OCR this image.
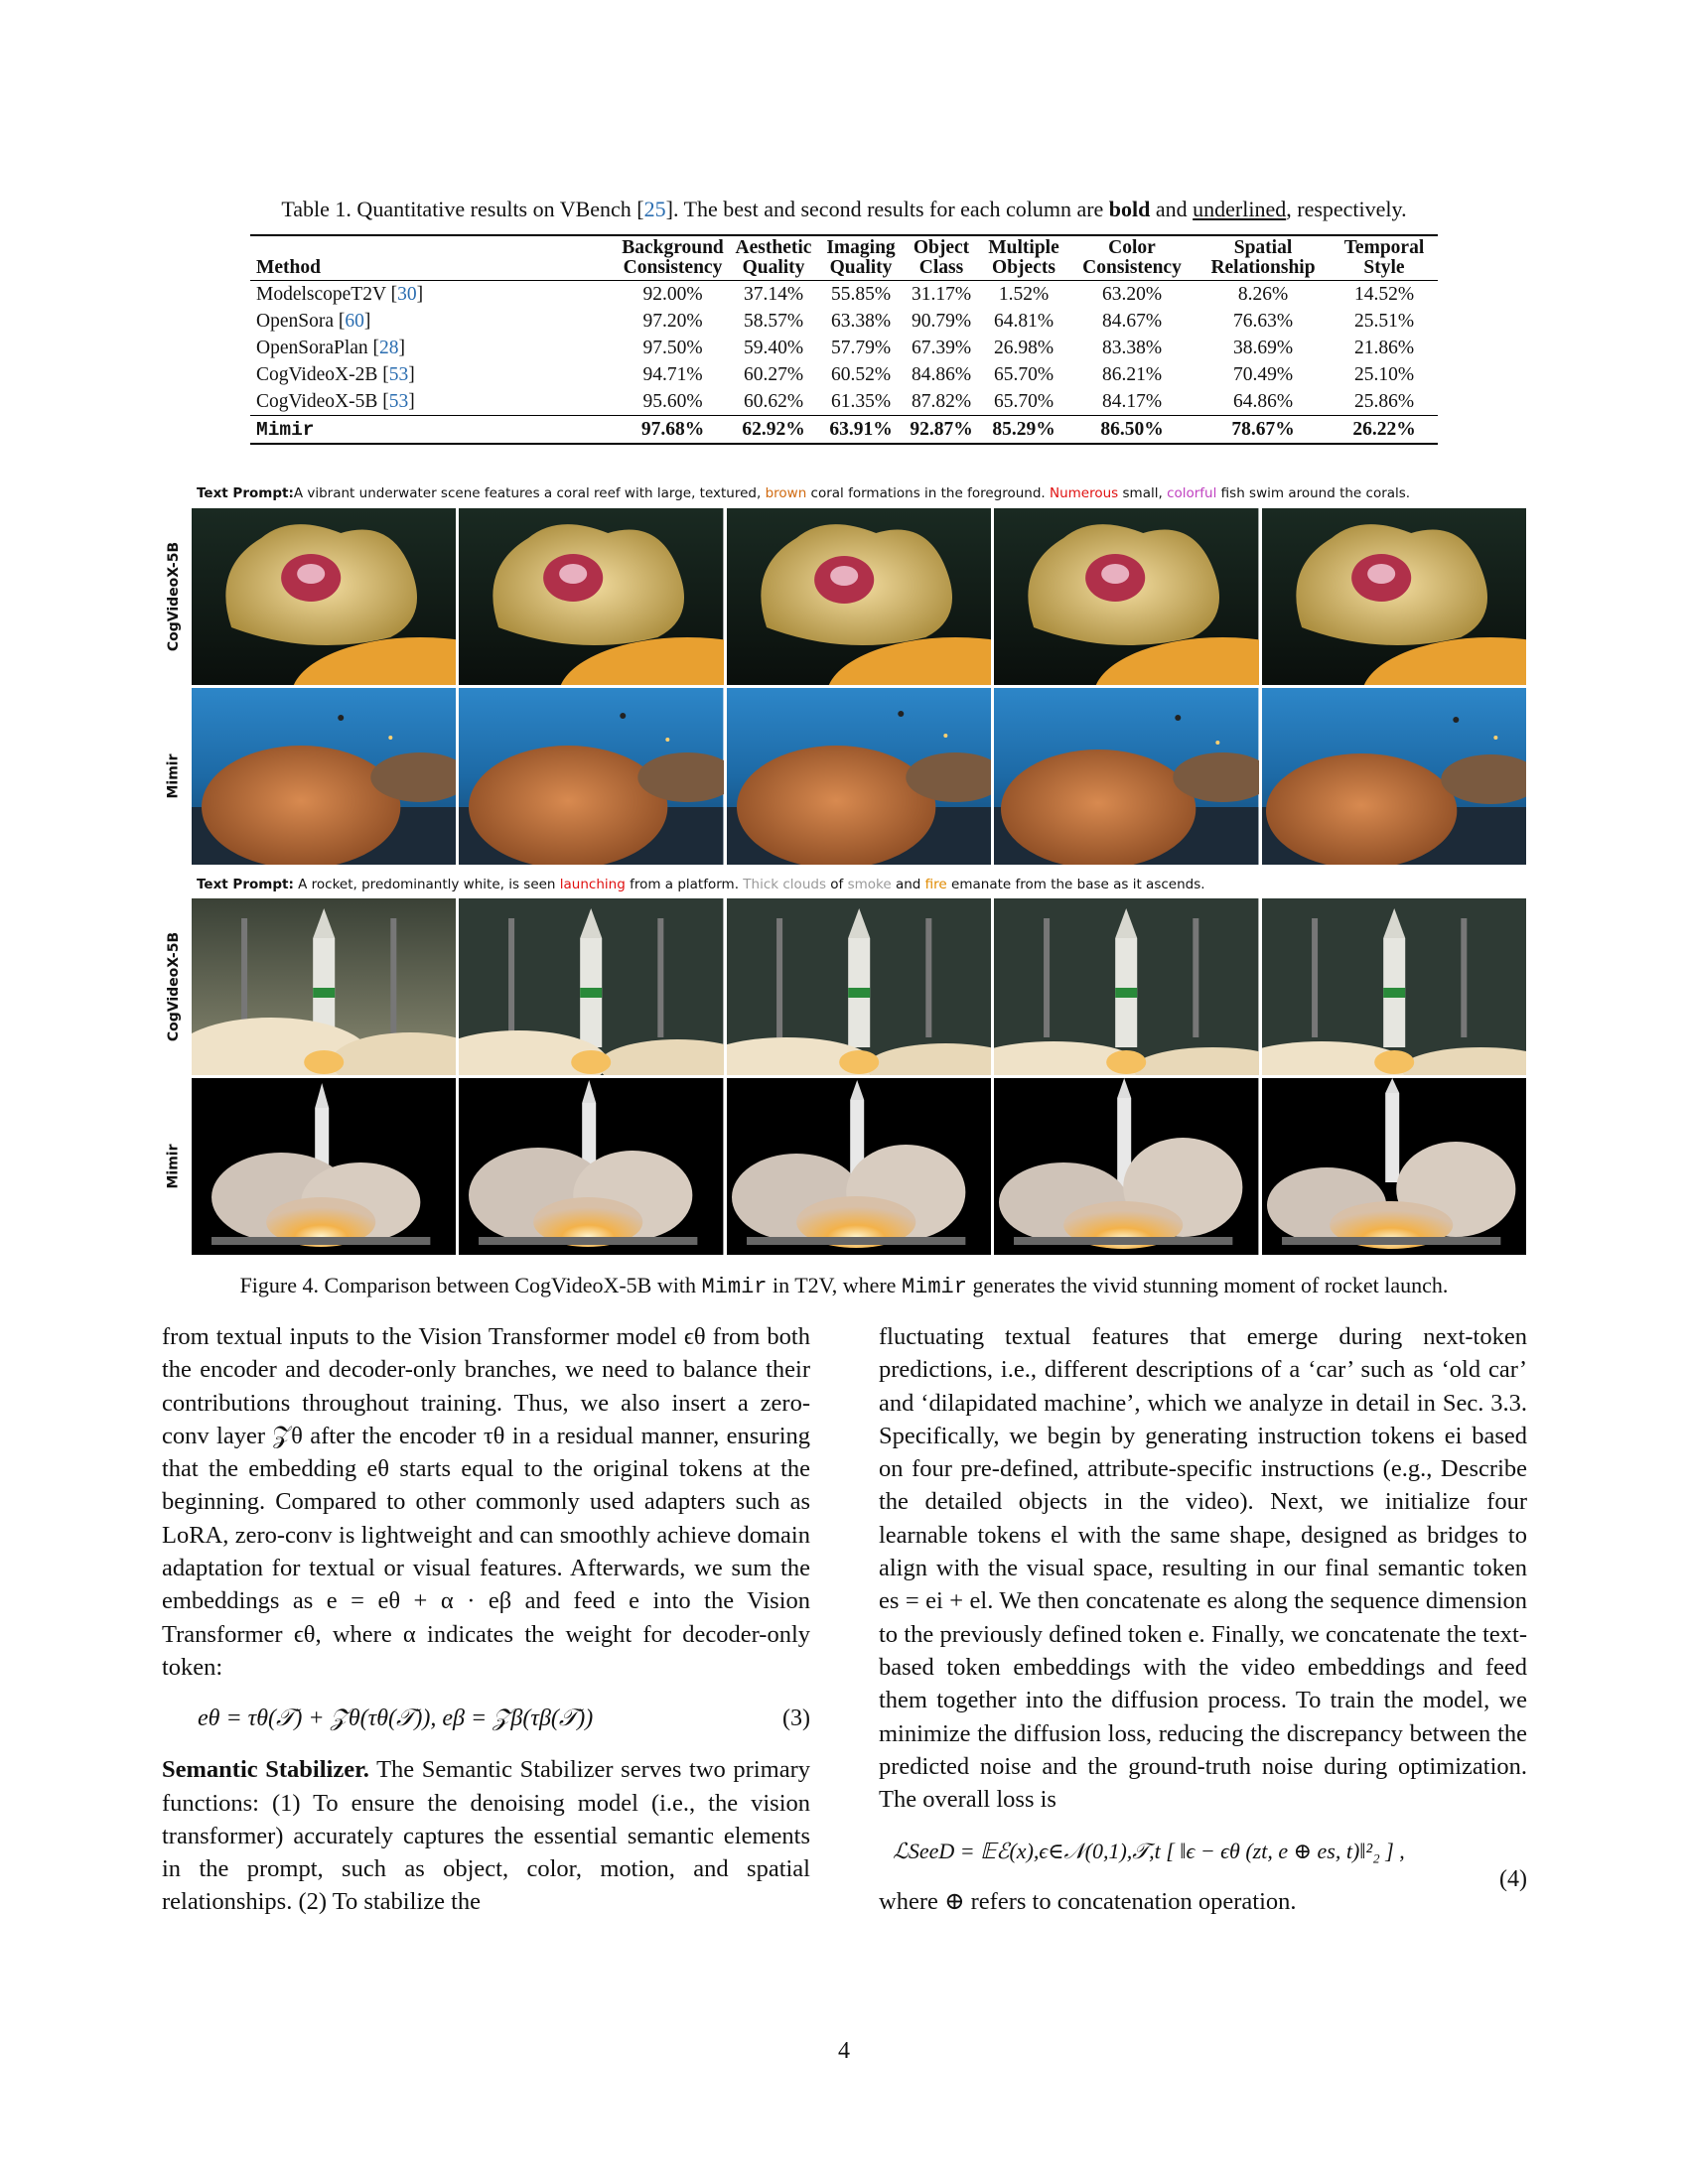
Table 1. Quantitative results on VBench [25]. The best and second results for each column are bold and underlined, respectively.
Method	Background Consistency	Aesthetic Quality	Imaging Quality	Object Class	Multiple Objects	Color Consistency	Spatial Relationship	Temporal Style
ModelscopeT2V [30]	92.00%	37.14%	55.85%	31.17%	1.52%	63.20%	8.26%	14.52%
OpenSora [60]	97.20%	58.57%	63.38%	90.79%	64.81%	84.67%	76.63%	25.51%
OpenSoraPlan [28]	97.50%	59.40%	57.79%	67.39%	26.98%	83.38%	38.69%	21.86%
CogVideoX-2B [53]	94.71%	60.27%	60.52%	84.86%	65.70%	86.21%	70.49%	25.10%
CogVideoX-5B [53]	95.60%	60.62%	61.35%	87.82%	65.70%	84.17%	64.86%	25.86%
Mimir	97.68%	62.92%	63.91%	92.87%	85.29%	86.50%	78.67%	26.22%
Text Prompt:A vibrant underwater scene features a coral reef with large, textured, brown coral formations in the foreground. Numerous small, colorful fish swim around the corals.
CogVideoX-5B
Mimir
Text Prompt: A rocket, predominantly white, is seen launching from a platform. Thick clouds of smoke and fire emanate from the base as it ascends.
CogVideoX-5B
Mimir
Figure 4. Comparison between CogVideoX-5B with Mimir in T2V, where Mimir generates the vivid stunning moment of rocket launch.

from textual inputs to the Vision Transformer model ϵθ from both the encoder and decoder-only branches, we need to balance their contributions throughout training. Thus, we also insert a zero-conv layer 𝒵θ after the encoder τθ in a residual manner, ensuring that the embedding eθ starts equal to the original tokens at the beginning. Compared to other commonly used adapters such as LoRA, zero-conv is lightweight and can smoothly achieve domain adaptation for textual or visual features. Afterwards, we sum the embeddings as e = eθ + α · eβ and feed e into the Vision Transformer ϵθ, where α indicates the weight for decoder-only token:

eθ = τθ(𝒯) + 𝒵θ(τθ(𝒯)), eβ = 𝒵β(τβ(𝒯))	(3)

Semantic Stabilizer. The Semantic Stabilizer serves two primary functions: (1) To ensure the denoising model (i.e., the vision transformer) accurately captures the essential semantic elements in the prompt, such as object, color, motion, and spatial relationships. (2) To stabilize the

fluctuating textual features that emerge during next-token predictions, i.e., different descriptions of a ‘car’ such as ‘old car’ and ‘dilapidated machine’, which we analyze in detail in Sec. 3.3. Specifically, we begin by generating instruction tokens ei based on four pre-defined, attribute-specific instructions (e.g., Describe the detailed objects in the video). Next, we initialize four learnable tokens el with the same shape, designed as bridges to align with the visual space, resulting in our final semantic token es = ei + el. We then concatenate es along the sequence dimension to the previously defined token e. Finally, we concatenate the text-based token embeddings with the video embeddings and feed them together into the diffusion process. To train the model, we minimize the diffusion loss, reducing the discrepancy between the predicted noise and the ground-truth noise during optimization. The overall loss is

ℒSeeD = 𝔼ℰ(x),ϵ∈𝒩(0,1),𝒯,t [ ‖ϵ − ϵθ (zt, e ⊕ es, t)‖²₂ ] ,
(4)

where ⊕ refers to concatenation operation.

4
